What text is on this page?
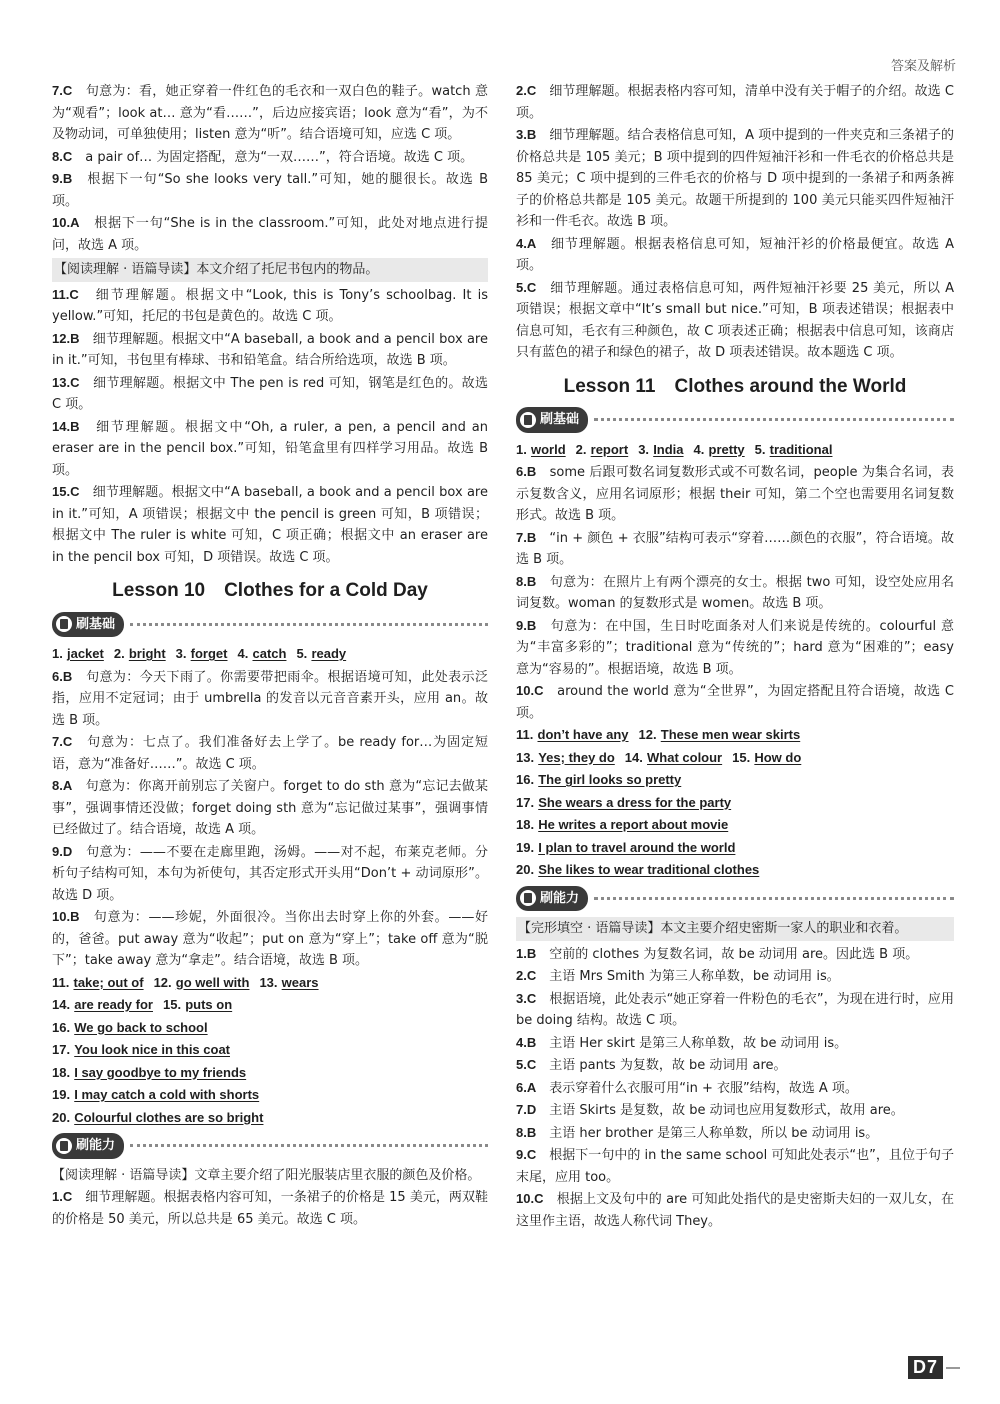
答案及解析
7.C　 句意为：看，她正穿着一件红色的毛衣和一双白色的鞋子。watch 意为“观看”；look at… 意为“看……”，后边应接宾语；look 意为“看”，为不及物动词，可单独使用；listen 意为“听”。结合语境可知，应选 C 项。
8.C　 a pair of… 为固定搭配，意为“一双……”，符合语境。故选 C 项。
9.B　 根据下一句“So she looks very tall.”可知，她的腿很长。故选 B 项。
10.A　 根据下一句“She is in the classroom.”可知，此处对地点进行提问，故选 A 项。
【阅读理解 · 语篇导读】本文介绍了托尼书包内的物品。
11.C　 细节理解题。根据文中“Look, this is Tony’s schoolbag. It is yellow.”可知，托尼的书包是黄色的。故选 C 项。
12.B　 细节理解题。根据文中“A baseball, a book and a pencil box are in it.”可知，书包里有棒球、书和铅笔盒。结合所给选项，故选 B 项。
13.C　 细节理解题。根据文中 The pen is red 可知，钢笔是红色的。故选 C 项。
14.B　 细节理解题。根据文中“Oh, a ruler, a pen, a pencil and an eraser are in the pencil box.”可知，铅笔盒里有四样学习用品。故选 B 项。
15.C　 细节理解题。根据文中“A baseball, a book and a pencil box are in it.”可知，A 项错误；根据文中 the pencil is green 可知，B 项错误；根据文中 The ruler is white 可知，C 项正确；根据文中 an eraser are in the pencil box 可知，D 项错误。故选 C 项。
Lesson 10　Clothes for a Cold Day
刷基础
1. jacket 2. bright 3. forget 4. catch 5. ready
6.B　 句意为：今天下雨了。你需要带把雨伞。根据语境可知，此处表示泛指，应用不定冠词；由于 umbrella 的发音以元音音素开头，应用 an。故选 B 项。
7.C　 句意为：七点了。我们准备好去上学了。be ready for…为固定短语，意为“准备好……”。故选 C 项。
8.A　 句意为：你离开前别忘了关窗户。forget to do sth 意为“忘记去做某事”，强调事情还没做；forget doing sth 意为“忘记做过某事”，强调事情已经做过了。结合语境，故选 A 项。
9.D　 句意为：——不要在走廊里跑，汤姆。——对不起，布莱克老师。分析句子结构可知，本句为祈使句，其否定形式开头用“Don’t + 动词原形”。故选 D 项。
10.B　 句意为：——珍妮，外面很冷。当你出去时穿上你的外套。——好的，爸爸。put away 意为“收起”；put on 意为“穿上”；take off 意为“脱下”；take away 意为“拿走”。结合语境，故选 B 项。
11. take; out of 12. go well with 13. wears
14. are ready for 15. puts on
16. We go back to school
17. You look nice in this coat
18. I say goodbye to my friends
19. I may catch a cold with shorts
20. Colourful clothes are so bright
刷能力
【阅读理解 · 语篇导读】文章主要介绍了阳光服装店里衣服的颜色及价格。
1.C　 细节理解题。根据表格内容可知，一条裙子的价格是 15 美元，两双鞋的价格是 50 美元，所以总共是 65 美元。故选 C 项。
2.C　 细节理解题。根据表格内容可知，清单中没有关于帽子的介绍。故选 C 项。
3.B　 细节理解题。结合表格信息可知，A 项中提到的一件夹克和三条裙子的价格总共是 105 美元；B 项中提到的四件短袖汗衫和一件毛衣的价格总共是 85 美元；C 项中提到的三件毛衣的价格与 D 项中提到的一条裙子和两条裤子的价格总共都是 105 美元。故题干所提到的 100 美元只能买四件短袖汗衫和一件毛衣。故选 B 项。
4.A　 细节理解题。根据表格信息可知，短袖汗衫的价格最便宜。故选 A 项。
5.C　 细节理解题。通过表格信息可知，两件短袖汗衫要 25 美元，所以 A 项错误；根据文章中“It’s small but nice.”可知，B 项表述错误；根据表中信息可知，毛衣有三种颜色，故 C 项表述正确；根据表中信息可知，该商店只有蓝色的裙子和绿色的裙子，故 D 项表述错误。故本题选 C 项。
Lesson 11　Clothes around the World
刷基础
1. world 2. report 3. India 4. pretty 5. traditional
6.B　 some 后跟可数名词复数形式或不可数名词，people 为集合名词，表示复数含义，应用名词原形；根据 their 可知，第二个空也需要用名词复数形式。故选 B 项。
7.B　 “in + 颜色 + 衣服”结构可表示“穿着……颜色的衣服”，符合语境。故选 B 项。
8.B　 句意为：在照片上有两个漂亮的女士。根据 two 可知，设空处应用名词复数。woman 的复数形式是 women。故选 B 项。
9.B　 句意为：在中国，生日时吃面条对人们来说是传统的。colourful 意为“丰富多彩的”；traditional 意为“传统的”；hard 意为“困难的”；easy 意为“容易的”。根据语境，故选 B 项。
10.C　 around the world 意为“全世界”，为固定搭配且符合语境，故选 C 项。
11. don’t have any 12. These men wear skirts
13. Yes; they do 14. What colour 15. How do
16. The girl looks so pretty
17. She wears a dress for the party
18. He writes a report about movie
19. I plan to travel around the world
20. She likes to wear traditional clothes
刷能力
【完形填空 · 语篇导读】本文主要介绍史密斯一家人的职业和衣着。
1.B　 空前的 clothes 为复数名词，故 be 动词用 are。因此选 B 项。
2.C　 主语 Mrs Smith 为第三人称单数，be 动词用 is。
3.C　 根据语境，此处表示“她正穿着一件粉色的毛衣”，为现在进行时，应用 be doing 结构。故选 C 项。
4.B　 主语 Her skirt 是第三人称单数，故 be 动词用 is。
5.C　 主语 pants 为复数，故 be 动词用 are。
6.A　 表示穿着什么衣服可用“in + 衣服”结构，故选 A 项。
7.D　 主语 Skirts 是复数，故 be 动词也应用复数形式，故用 are。
8.B　 主语 her brother 是第三人称单数，所以 be 动词用 is。
9.C　 根据下一句中的 in the same school 可知此处表示“也”，且位于句子末尾，应用 too。
10.C　 根据上文及句中的 are 可知此处指代的是史密斯夫妇的一双儿女，在这里作主语，故选人称代词 They。
D7
